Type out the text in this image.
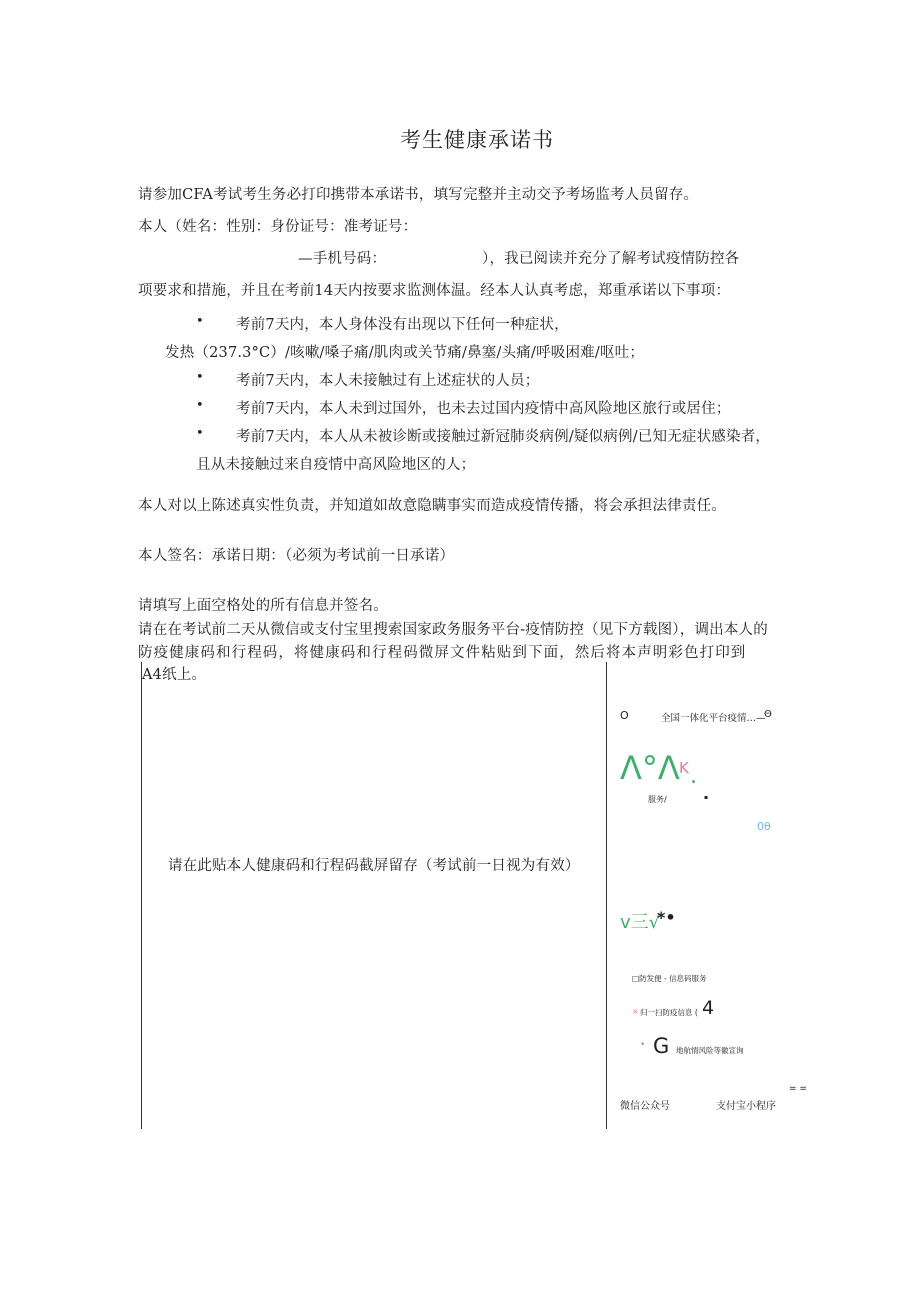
考生健康承诺书
请参加CFA考试考生务必打印携带本承诺书，填写完整并主动交予考场监考人员留存。
本人（姓名：性别：身份证号：准考证号：
—手机号码：	），我已阅读并充分了解考试疫情防控各
项要求和措施，并且在考前14天内按要求监测体温。经本人认真考虑，郑重承诺以下事项：
• 考前7天内，本人身体没有出现以下任何一种症状，
发热（237.3°C）/咳嗽/嗓子痛/肌肉或关节痛/鼻塞/头痛/呼吸困难/呕吐；
• 考前7天内，本人未接触过有上述症状的人员；
• 考前7天内，本人未到过国外，也未去过国内疫情中高风险地区旅行或居住；
• 考前7天内，本人从未被诊断或接触过新冠肺炎病例/疑似病例/已知无症状感染者，
且从未接触过来自疫情中高风险地区的人；
本人对以上陈述真实性负责，并知道如故意隐瞒事实而造成疫情传播，将会承担法律责任。
本人签名：承诺日期：（必须为考试前一日承诺）
请填写上面空格处的所有信息并签名。
请在在考试前二天从微信或支付宝里搜索国家政务服务平台-疫情防控（见下方载图），调出本人的
防疫健康码和行程码，将健康码和行程码微屏文件粘贴到下面，然后将本声明彩色打印到
A4纸上。
请在此贴本人健康码和行程码截屏留存（考试前一日视为有效）
O	全国一体化平台疫情…—
Θ
Λ°Λ K .
服务/	▪
0θ
v三√
*•
□防发便 - 信息码服务
× 归一扫防疫信息 ( 4
• G 地航情风险等徽宣询
微信公众号	支付宝小程序
= =
